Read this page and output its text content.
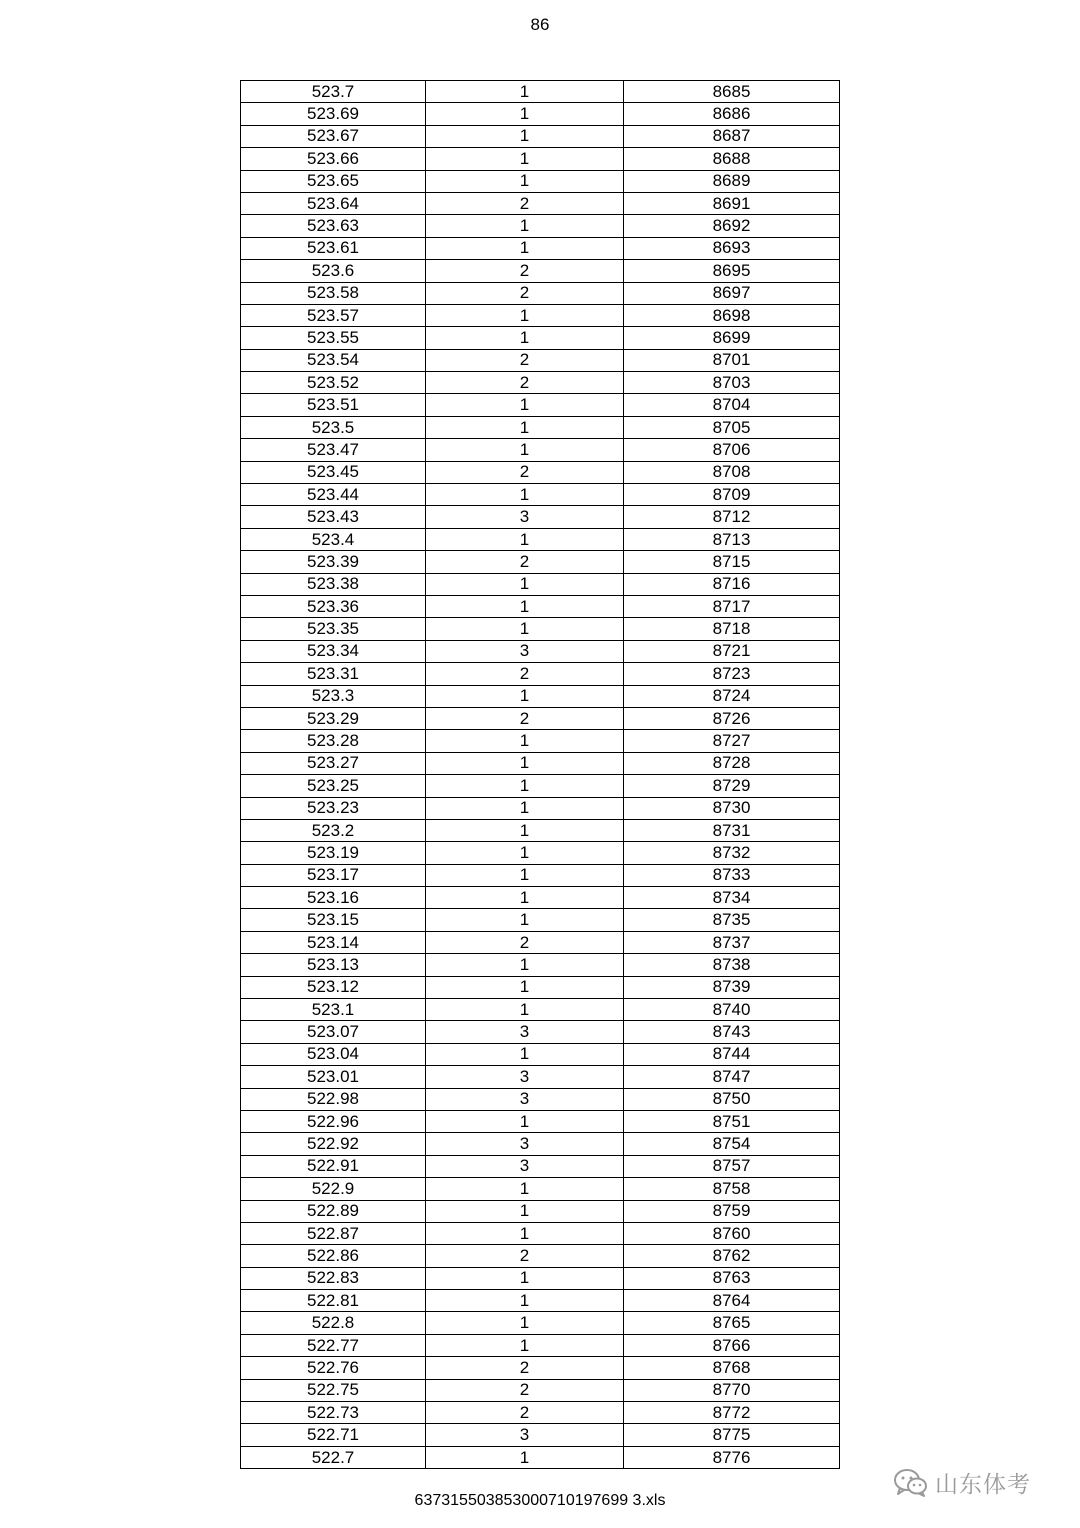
86
523.7	1	8685
523.69	1	8686
523.67	1	8687
523.66	1	8688
523.65	1	8689
523.64	2	8691
523.63	1	8692
523.61	1	8693
523.6	2	8695
523.58	2	8697
523.57	1	8698
523.55	1	8699
523.54	2	8701
523.52	2	8703
523.51	1	8704
523.5	1	8705
523.47	1	8706
523.45	2	8708
523.44	1	8709
523.43	3	8712
523.4	1	8713
523.39	2	8715
523.38	1	8716
523.36	1	8717
523.35	1	8718
523.34	3	8721
523.31	2	8723
523.3	1	8724
523.29	2	8726
523.28	1	8727
523.27	1	8728
523.25	1	8729
523.23	1	8730
523.2	1	8731
523.19	1	8732
523.17	1	8733
523.16	1	8734
523.15	1	8735
523.14	2	8737
523.13	1	8738
523.12	1	8739
523.1	1	8740
523.07	3	8743
523.04	1	8744
523.01	3	8747
522.98	3	8750
522.96	1	8751
522.92	3	8754
522.91	3	8757
522.9	1	8758
522.89	1	8759
522.87	1	8760
522.86	2	8762
522.83	1	8763
522.81	1	8764
522.8	1	8765
522.77	1	8766
522.76	2	8768
522.75	2	8770
522.73	2	8772
522.71	3	8775
522.7	1	8776
山东体考
637315503853000710197699 3.xls
